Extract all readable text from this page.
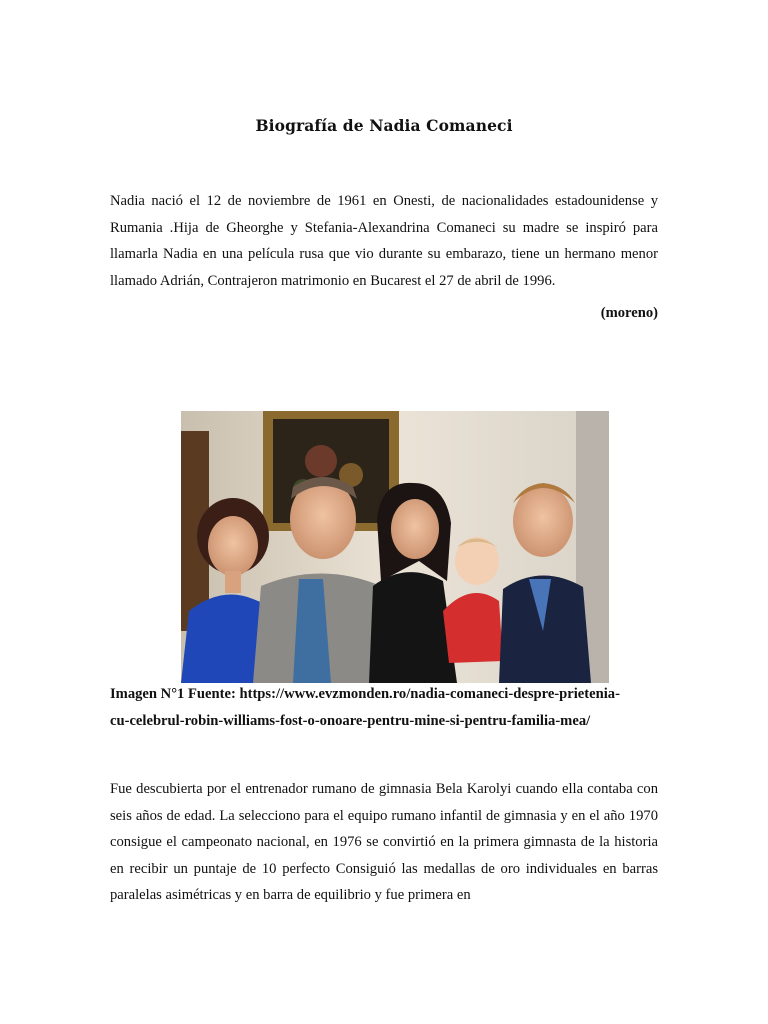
Biografía de Nadia Comaneci

Nadia nació el 12 de noviembre de 1961 en Onesti, de nacionalidades estadounidense y Rumania .Hija de Gheorghe y Stefania-Alexandrina Comaneci su madre se inspiró para llamarla Nadia en una película rusa que vio durante su embarazo, tiene un hermano menor llamado Adrián, Contrajeron matrimonio en Bucarest el 27 de abril de 1996.

(moreno)

Imagen N°1 Fuente: https://www.evzmonden.ro/nadia-comaneci-despre-prietenia-
cu-celebrul-robin-williams-fost-o-onoare-pentru-mine-si-pentru-familia-mea/

Fue descubierta por el entrenador rumano de gimnasia Bela Karolyi cuando ella contaba con seis años de edad. La selecciono para el equipo rumano infantil de gimnasia y en el año 1970 consigue el campeonato nacional, en 1976 se convirtió en la primera gimnasta de la historia en recibir un puntaje de 10 perfecto Consiguió las medallas de oro individuales en barras paralelas asimétricas y en barra de equilibrio y fue primera en
